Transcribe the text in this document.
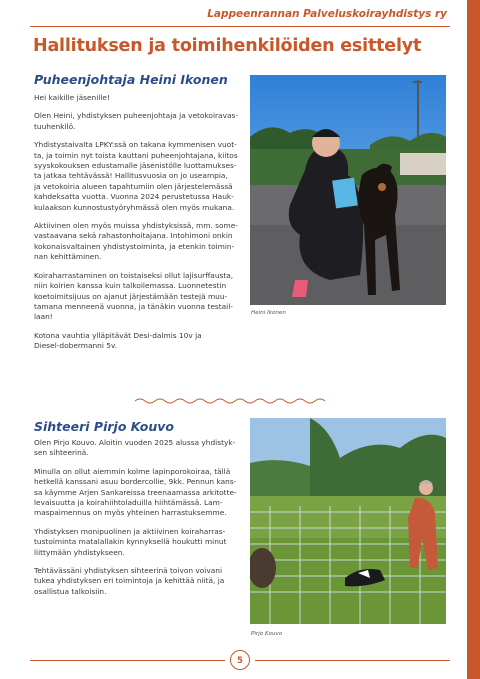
Lappeenrannan Palveluskoirayhdistys ry
Hallituksen ja toimihenkilöiden esittelyt
Puheenjohtaja Heini Ikonen

Hei kaikille jäsenille!

Olen Heini, yhdistyksen puheenjohtaja ja vetokoiravas-
tuuhenkilö.

Yhdistystaivalta LPKY:ssä on takana kymmenisen vuot-
ta, ja toimin nyt toista kauttani puheenjohtajana, kiitos
syyskokouksen edustamalle jäsenistölle luottamukses-
ta jatkaa tehtävässä! Hallitusvuosia on jo useampia,
ja vetokoiria alueen tapahtumiin olen järjestelemässä
kahdeksatta vuotta. Vuonna 2024 perustetussa Hauk-
kulaakson kunnostustyöryhmässä olen myös mukana.

Aktiivinen olen myös muissa yhdistyksissä, mm. some-
vastaavana sekä rahastonhoitajana. Intohimoni onkin
kokonaisvaltainen yhdistystoiminta, ja etenkin toimin-
nan kehittäminen.

Koiraharrastaminen on toistaiseksi ollut lajisurffausta,
niin koirien kanssa kuin talkoilemassa. Luonnetestin
koetoimitsijuus on ajanut järjestämään testejä muu-
tamana menneenä vuonna, ja tänäkin vuonna testail-
laan!

Kotona vauhtia ylläpitävät Desi-dalmis 10v ja
Diesel-dobermanni 5v.

Heini Ikonen
Sihteeri Pirjo Kouvo

Olen Pirjo Kouvo. Aloitin vuoden 2025 alussa yhdistyk-
sen sihteerinä.

Minulla on ollut aiemmin kolme lapinporokoiraa, tällä
hetkellä kanssani asuu bordercollie, 9kk. Pennun kans-
sa käymme Arjen Sankareissa treenaamassa arkitotte-
levaisuutta ja koirahiihtoladuilla hiihtämässä. Lam-
maspaimennus on myös yhteinen harrastuksemme.

Yhdistyksen monipuolinen ja aktiivinen koiraharras-
tustoiminta matalallakin kynnyksellä houkutti minut
liittymään yhdistykseen.

Tehtävässäni yhdistyksen sihteerinä toivon voivani
tukea yhdistyksen eri toimintoja ja kehittää niitä, ja
osallistua talkoisiin.

Pirjo Kouvo
5
